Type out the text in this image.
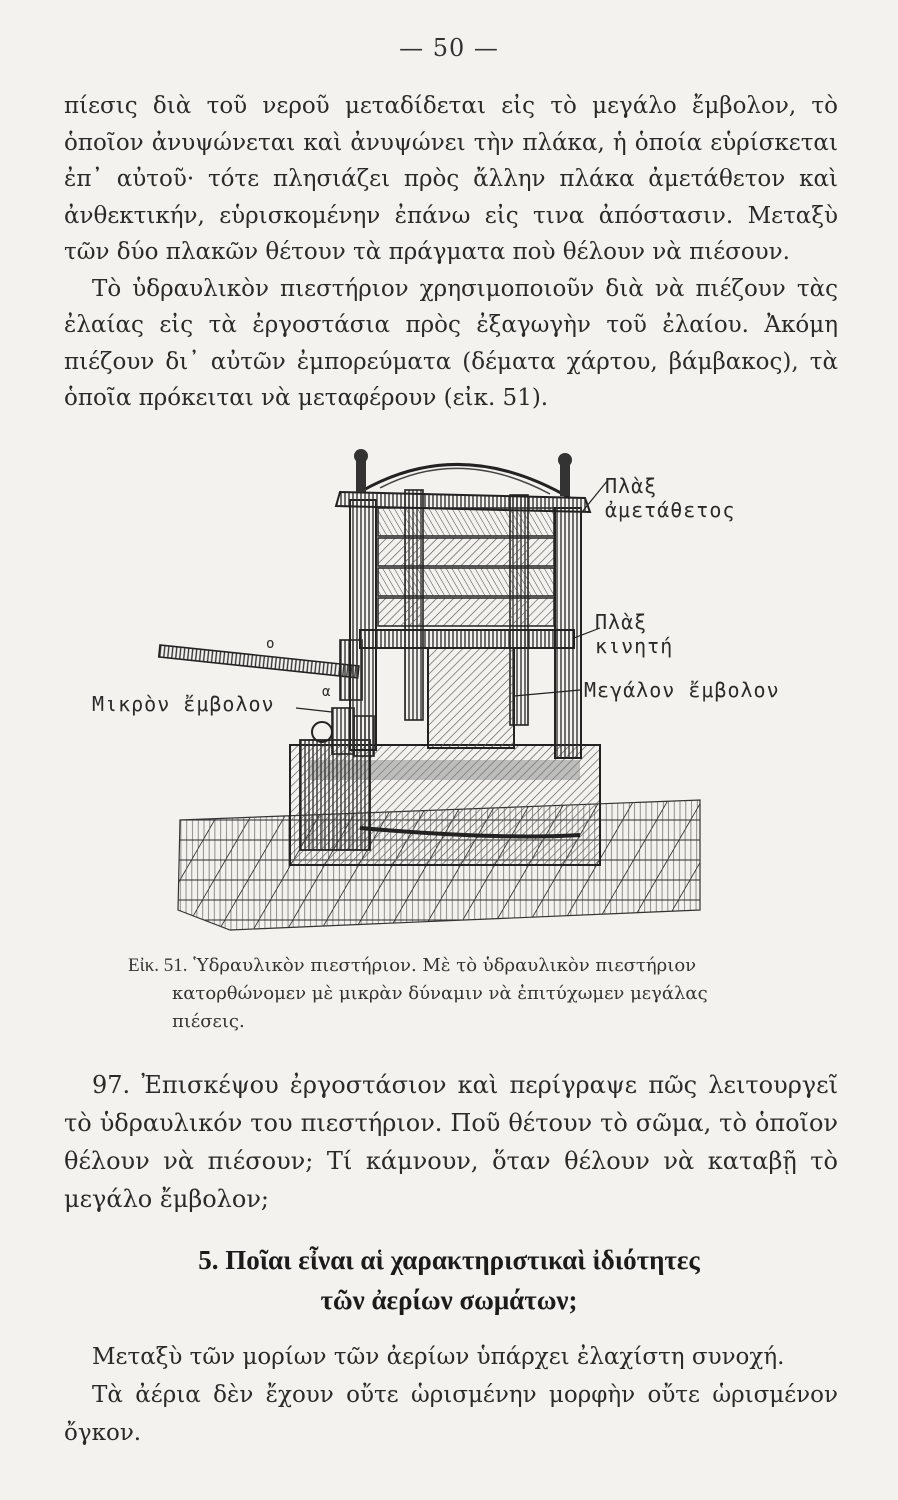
— 50 —
πίεσις διὰ τοῦ νεροῦ μεταδίδεται εἰς τὸ μεγάλο ἔμβολον, τὸ ὁποῖον ἀνυψώνεται καὶ ἀνυψώνει τὴν πλάκα, ἡ ὁποία εὑρίσκεται ἐπ᾽ αὐτοῦ· τότε πλησιάζει πρὸς ἄλλην πλάκα ἀμετάθετον καὶ ἀνθεκτικήν, εὑρισκομένην ἐπάνω εἰς τινα ἀπόστασιν. Μεταξὺ τῶν δύο πλακῶν θέτουν τὰ πράγματα ποὺ θέλουν νὰ πιέσουν.
Τὸ ὑδραυλικὸν πιεστήριον χρησιμοποιοῦν διὰ νὰ πιέζουν τὰς ἐλαίας εἰς τὰ ἐργοστάσια πρὸς ἐξαγωγὴν τοῦ ἐλαίου. Ἀκόμη πιέζουν δι᾽ αὐτῶν ἐμπορεύματα (δέματα χάρτου, βάμβακος), τὰ ὁποῖα πρόκειται νὰ μεταφέρουν (εἰκ. 51).
Πλὰξ ἀμετάθετος
Πλὰξ κινητή
Μικρὸν ἔμβολον
Μεγάλον ἔμβολον
ο
α
Εἰκ. 51. Ὑδραυλικὸν πιεστήριον. Μὲ τὸ ὑδραυλικὸν πιεστήριον
κατορθώνομεν μὲ μικρὰν δύναμιν νὰ ἐπιτύχωμεν μεγάλας
πιέσεις.
97. Ἐπισκέψου ἐργοστάσιον καὶ περίγραψε πῶς λειτουργεῖ τὸ ὑδραυλικόν του πιεστήριον. Ποῦ θέτουν τὸ σῶμα, τὸ ὁποῖον θέλουν νὰ πιέσουν; Τί κάμνουν, ὅταν θέλουν νὰ καταβῇ τὸ μεγάλο ἔμβολον;
5. Ποῖαι εἶναι αἱ χαρακτηριστικαὶ ἰδιότητες
τῶν ἀερίων σωμάτων;
Μεταξὺ τῶν μορίων τῶν ἀερίων ὑπάρχει ἐλαχίστη συνοχή.
Τὰ ἀέρια δὲν ἔχουν οὔτε ὡρισμένην μορφὴν οὔτε ὡρισμένον ὄγκον.
